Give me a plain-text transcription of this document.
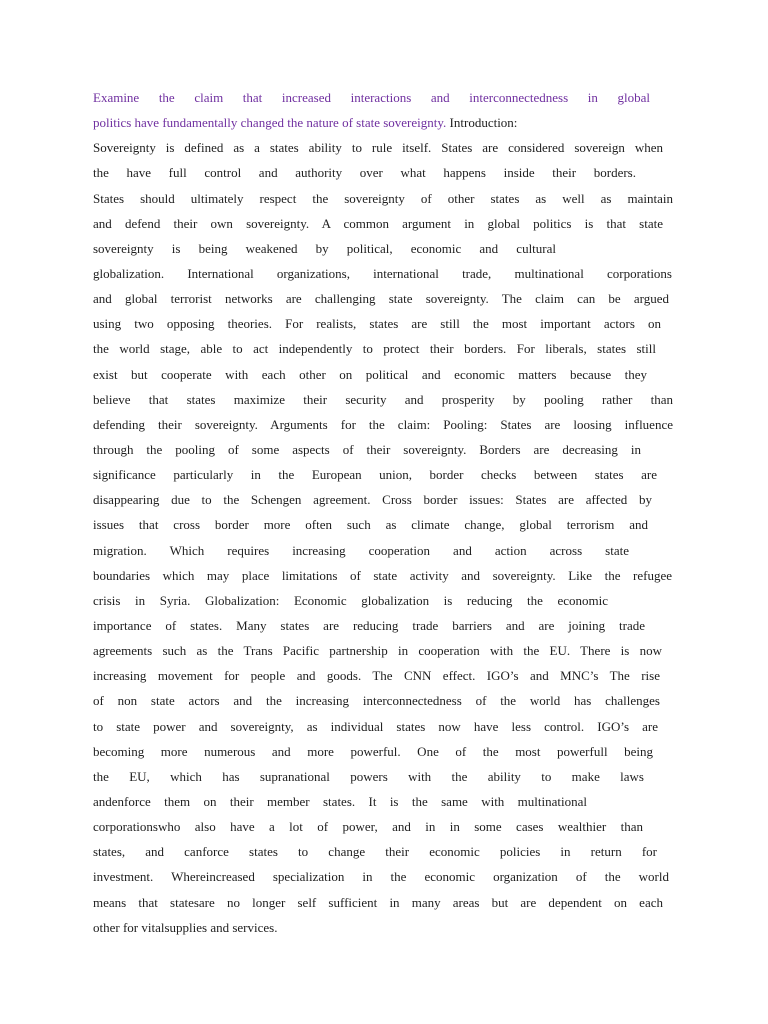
Examine the claim that increased interactions and interconnectedness in global
politics have fundamentally changed the nature of state sovereignty. Introduction:
Sovereignty is defined as a states ability to rule itself. States are considered sovereign when
the have full control and authority over what happens inside their borders.
States should ultimately respect the sovereignty of other states as well as maintain
and defend their own sovereignty. A common argument in global politics is that state
sovereignty is being weakened by political, economic and cultural
globalization. International organizations, international trade, multinational corporations
and global terrorist networks are challenging state sovereignty. The claim can be argued
using two opposing theories. For realists, states are still the most important actors on
the world stage, able to act independently to protect their borders. For liberals, states still
exist but cooperate with each other on political and economic matters because they
believe that states maximize their security and prosperity by pooling rather than
defending their sovereignty. Arguments for the claim: Pooling: States are loosing influence
through the pooling of some aspects of their sovereignty. Borders are decreasing in
significance particularly in the European union, border checks between states are
disappearing due to the Schengen agreement. Cross border issues: States are affected by
issues that cross border more often such as climate change, global terrorism and
migration. Which requires increasing cooperation and action across state
boundaries which may place limitations of state activity and sovereignty. Like the refugee
crisis in Syria. Globalization: Economic globalization is reducing the economic
importance of states. Many states are reducing trade barriers and are joining trade
agreements such as the Trans Pacific partnership in cooperation with the EU. There is now
increasing movement for people and goods. The CNN effect. IGO’s and MNC’s The rise
of non state actors and the increasing interconnectedness of the world has challenges
to state power and sovereignty, as individual states now have less control. IGO’s are
becoming more numerous and more powerful. One of the most powerfull being
the EU, which has supranational powers with the ability to make laws
andenforce them on their member states. It is the same with multinational
corporationswho also have a lot of power, and in in some cases wealthier than
states, and canforce states to change their economic policies in return for
investment. Whereincreased specialization in the economic organization of the world
means that statesare no longer self sufficient in many areas but are dependent on each
other for vitalsupplies and services.
